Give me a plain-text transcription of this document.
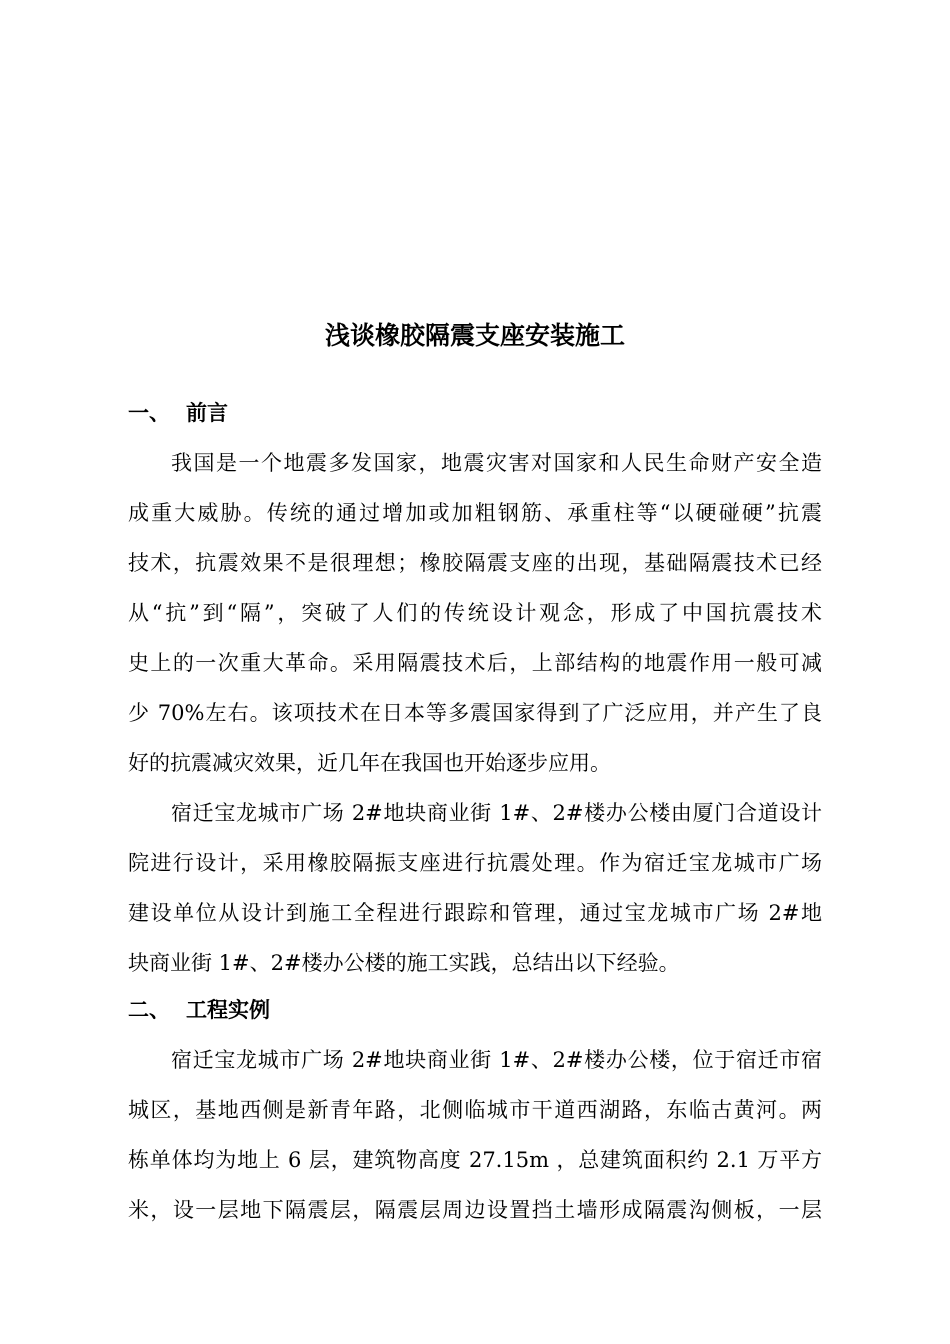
浅谈橡胶隔震支座安装施工
一、 前言
我国是一个地震多发国家，地震灾害对国家和人民生命财产安全造
成重大威胁。传统的通过增加或加粗钢筋、承重柱等“以硬碰硬”抗震
技术，抗震效果不是很理想；橡胶隔震支座的出现，基础隔震技术已经
从“抗”到“隔”，突破了人们的传统设计观念，形成了中国抗震技术
史上的一次重大革命。采用隔震技术后，上部结构的地震作用一般可减
少 70%左右。该项技术在日本等多震国家得到了广泛应用，并产生了良
好的抗震减灾效果，近几年在我国也开始逐步应用。
宿迁宝龙城市广场 2#地块商业街 1#、2#楼办公楼由厦门合道设计
院进行设计，采用橡胶隔振支座进行抗震处理。作为宿迁宝龙城市广场
建设单位从设计到施工全程进行跟踪和管理，通过宝龙城市广场 2#地
块商业街 1#、2#楼办公楼的施工实践，总结出以下经验。
二、 工程实例
宿迁宝龙城市广场 2#地块商业街 1#、2#楼办公楼，位于宿迁市宿
城区，基地西侧是新青年路，北侧临城市干道西湖路，东临古黄河。两
栋单体均为地上 6 层，建筑物高度 27.15m ，总建筑面积约 2.1 万平方
米，设一层地下隔震层，隔震层周边设置挡土墙形成隔震沟侧板，一层
